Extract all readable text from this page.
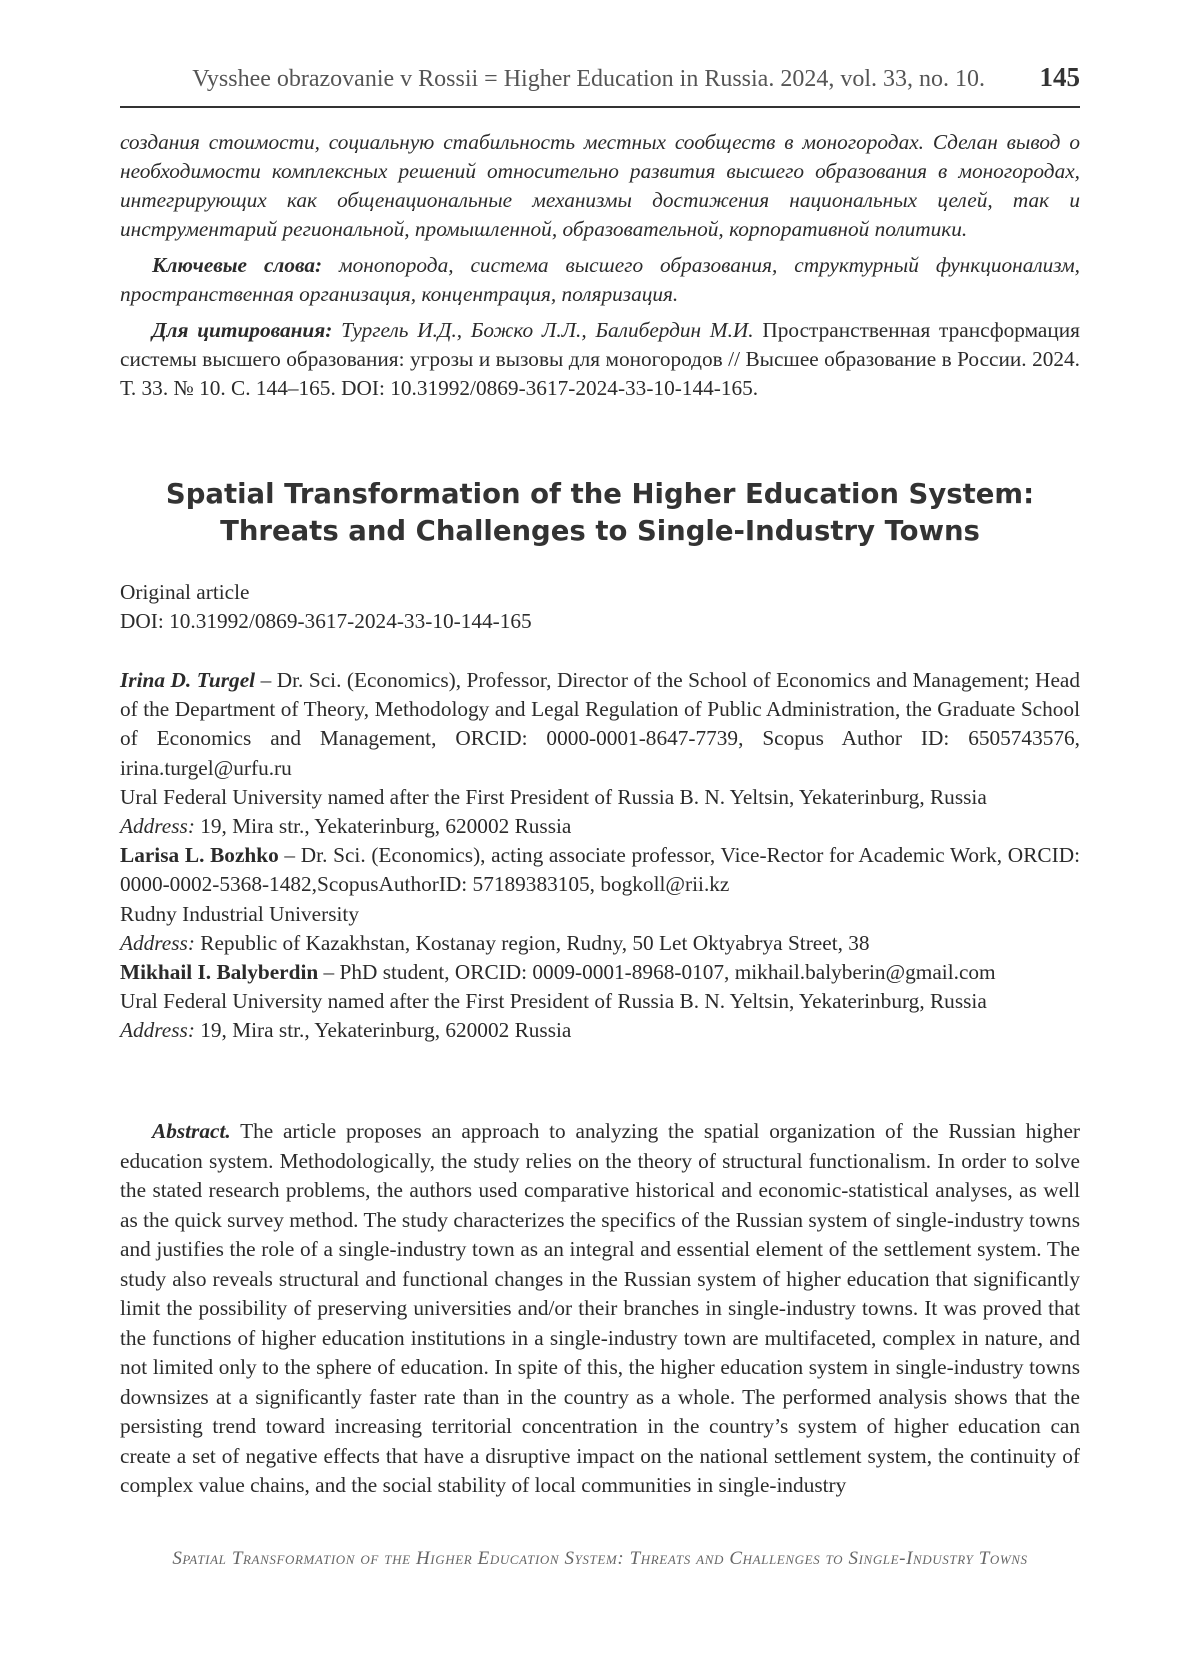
Vysshee obrazovanie v Rossii = Higher Education in Russia. 2024, vol. 33, no. 10. 145

создания стоимости, социальную стабильность местных сообществ в моногородах. Сделан вывод о необходимости комплексных решений относительно развития высшего образования в моногородах, интегрирующих как общенациональные механизмы достижения национальных целей, так и инструментарий региональной, промышленной, образовательной, корпоративной политики.

Ключевые слова: монопорода, система высшего образования, структурный функционализм, пространственная организация, концентрация, поляризация.

Для цитирования: Тургель И.Д., Божко Л.Л., Балибердин М.И. Пространственная трансформация системы высшего образования: угрозы и вызовы для моногородов // Высшее образование в России. 2024. Т. 33. № 10. С. 144–165. DOI: 10.31992/0869-3617-2024-33-10-144-165.

Spatial Transformation of the Higher Education System:
Threats and Challenges to Single-Industry Towns
Original article
DOI: 10.31992/0869-3617-2024-33-10-144-165

Irina D. Turgel – Dr. Sci. (Economics), Professor, Director of the School of Economics and Management; Head of the Department of Theory, Methodology and Legal Regulation of Public Administration, the Graduate School of Economics and Management, ORCID: 0000-0001-8647-7739, Scopus Author ID: 6505743576, irina.turgel@urfu.ru

Ural Federal University named after the First President of Russia B. N. Yeltsin, Yekaterinburg, Russia

Address: 19, Mira str., Yekaterinburg, 620002 Russia

Larisa L. Bozhko – Dr. Sci. (Economics), acting associate professor, Vice-Rector for Academic Work, ORCID: 0000-0002-5368-1482,ScopusAuthorID: 57189383105, bogkoll@rii.kz

Rudny Industrial University

Address: Republic of Kazakhstan, Kostanay region, Rudny, 50 Let Oktyabrya Street, 38

Mikhail I. Balyberdin – PhD student, ORCID: 0009-0001-8968-0107, mikhail.balyberin@gmail.com

Ural Federal University named after the First President of Russia B. N. Yeltsin, Yekaterinburg, Russia

Address: 19, Mira str., Yekaterinburg, 620002 Russia

Abstract. The article proposes an approach to analyzing the spatial organization of the Russian higher education system. Methodologically, the study relies on the theory of structural functionalism. In order to solve the stated research problems, the authors used comparative historical and economic-statistical analyses, as well as the quick survey method. The study characterizes the specifics of the Russian system of single-industry towns and justifies the role of a single-industry town as an integral and essential element of the settlement system. The study also reveals structural and functional changes in the Russian system of higher education that significantly limit the possibility of preserving universities and/or their branches in single-industry towns. It was proved that the functions of higher education institutions in a single-industry town are multifaceted, complex in nature, and not limited only to the sphere of education. In spite of this, the higher education system in single-industry towns downsizes at a significantly faster rate than in the country as a whole. The performed analysis shows that the persisting trend toward increasing territorial concentration in the country’s system of higher education can create a set of negative effects that have a disruptive impact on the national settlement system, the continuity of complex value chains, and the social stability of local communities in single-industry

Spatial Transformation of the Higher Education System: Threats and Challenges to Single-Industry Towns
